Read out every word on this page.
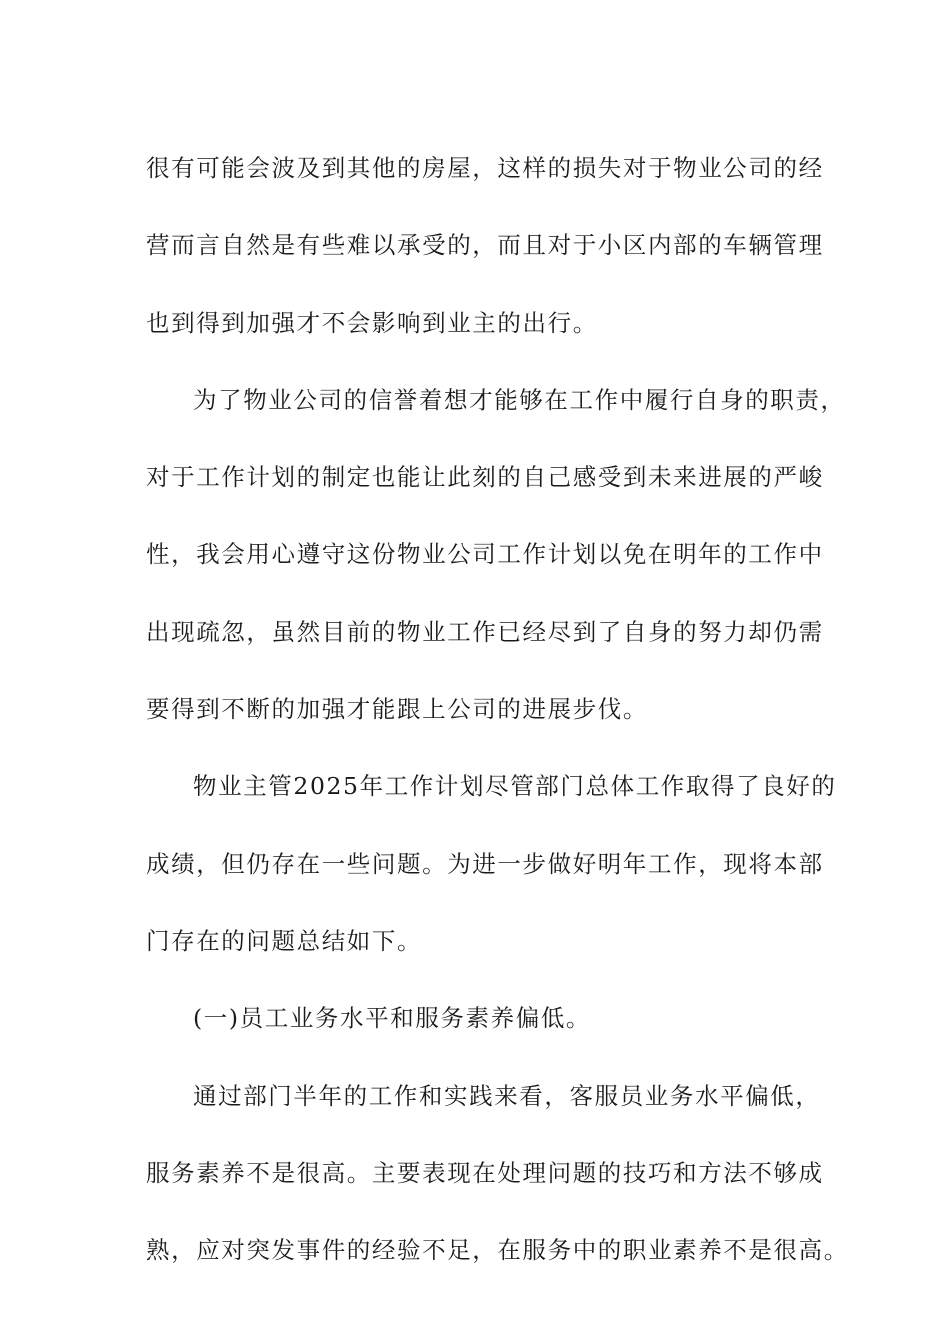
很有可能会波及到其他的房屋，这样的损失对于物业公司的经
营而言自然是有些难以承受的，而且对于小区内部的车辆管理
也到得到加强才不会影响到业主的出行。
为了物业公司的信誉着想才能够在工作中履行自身的职责，
对于工作计划的制定也能让此刻的自己感受到未来进展的严峻
性，我会用心遵守这份物业公司工作计划以免在明年的工作中
出现疏忽，虽然目前的物业工作已经尽到了自身的努力却仍需
要得到不断的加强才能跟上公司的进展步伐。
物业主管2025年工作计划尽管部门总体工作取得了良好的
成绩，但仍存在一些问题。为进一步做好明年工作，现将本部
门存在的问题总结如下。
(一)员工业务水平和服务素养偏低。
通过部门半年的工作和实践来看，客服员业务水平偏低，
服务素养不是很高。主要表现在处理问题的技巧和方法不够成
熟，应对突发事件的经验不足，在服务中的职业素养不是很高。
